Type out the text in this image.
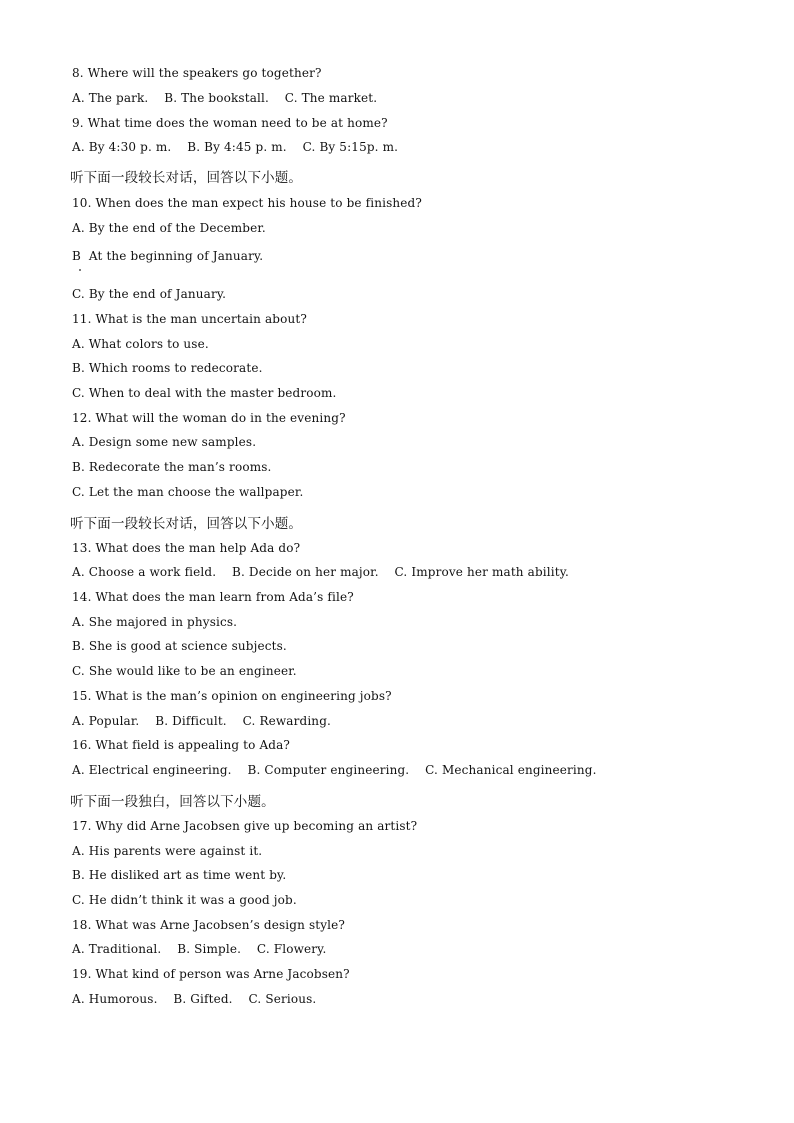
8. Where will the speakers go together?
A. The park.    B. The bookstall.    C. The market.
9. What time does the woman need to be at home?
A. By 4:30 p. m.    B. By 4:45 p. m.    C. By 5:15p. m.
听下面一段较长对话，回答以下小题。
10. When does the man expect his house to be finished?
A. By the end of the December.
B  At the beginning of January.
C. By the end of January.
11. What is the man uncertain about?
A. What colors to use.
B. Which rooms to redecorate.
C. When to deal with the master bedroom.
12. What will the woman do in the evening?
A. Design some new samples.
B. Redecorate the man’s rooms.
C. Let the man choose the wallpaper.
听下面一段较长对话，回答以下小题。
13. What does the man help Ada do?
A. Choose a work field.    B. Decide on her major.    C. Improve her math ability.
14. What does the man learn from Ada’s file?
A. She majored in physics.
B. She is good at science subjects.
C. She would like to be an engineer.
15. What is the man’s opinion on engineering jobs?
A. Popular.    B. Difficult.    C. Rewarding.
16. What field is appealing to Ada?
A. Electrical engineering.    B. Computer engineering.    C. Mechanical engineering.
听下面一段独白，回答以下小题。
17. Why did Arne Jacobsen give up becoming an artist?
A. His parents were against it.
B. He disliked art as time went by.
C. He didn’t think it was a good job.
18. What was Arne Jacobsen’s design style?
A. Traditional.    B. Simple.    C. Flowery.
19. What kind of person was Arne Jacobsen?
A. Humorous.    B. Gifted.    C. Serious.
